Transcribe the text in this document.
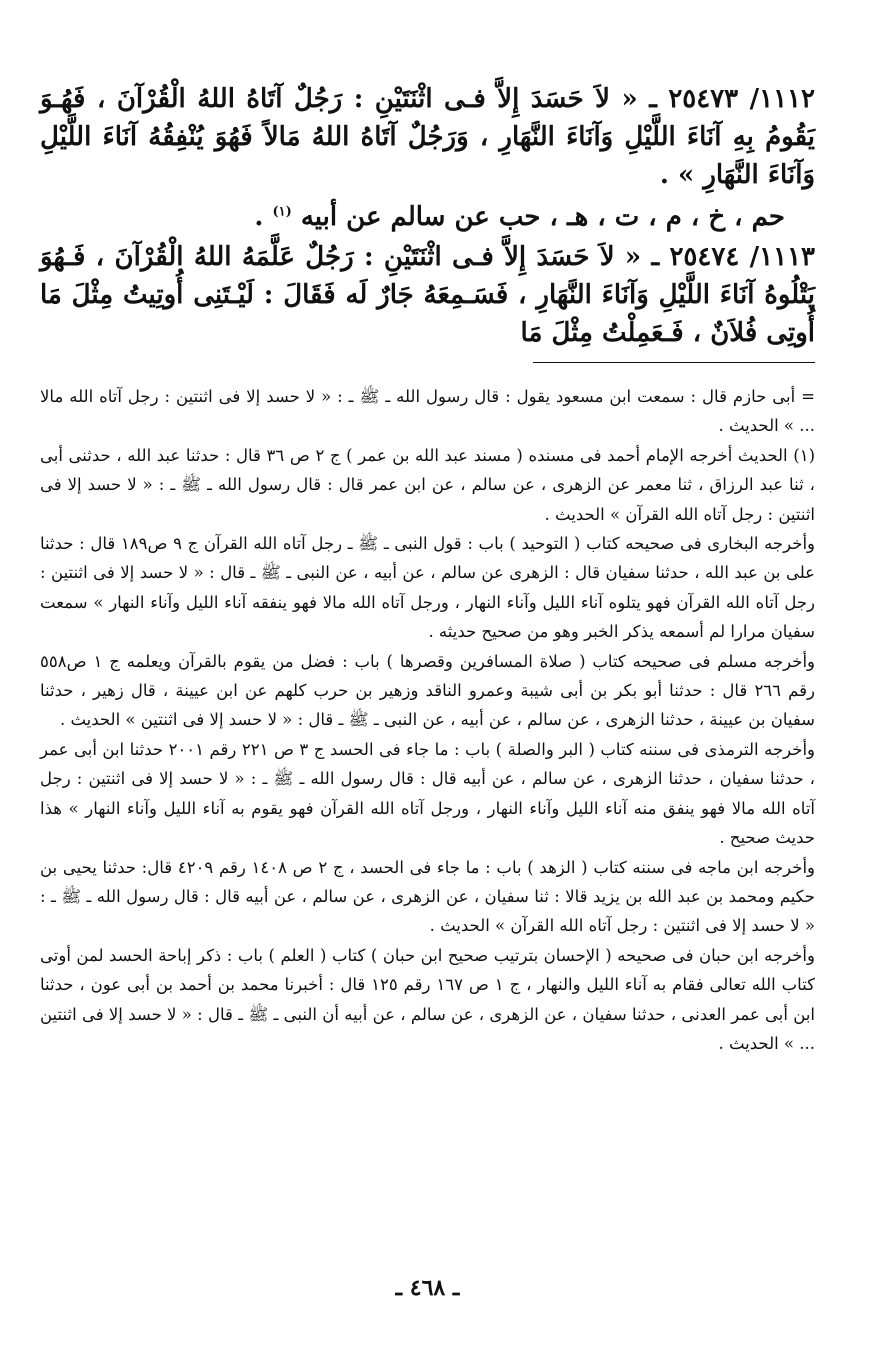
١١١٢/ ٢٥٤٧٣ ـ « لاَ حَسَدَ إِلاَّ فـى اثْنَتَيْنِ : رَجُلٌ آتَاهُ اللهُ الْقُرْآنَ ، فَهُـوَ يَقُومُ بِهِ آنَاءَ اللَّيْلِ وَآنَاءَ النَّهَارِ ، وَرَجُلٌ آتَاهُ اللهُ مَالاً فَهُوَ يُنْفِقُهُ آنَاءَ اللَّيْلِ وَآنَاءَ النَّهَارِ » .

حم ، خ ، م ، ت ، هـ ، حب عن سالم عن أبيه $^{(١)}$ .

١١١٣/ ٢٥٤٧٤ ـ « لاَ حَسَدَ إِلاَّ فـى اثْنَتَيْنِ : رَجُلٌ عَلَّمَهُ اللهُ الْقُرْآنَ ، فَـهُوَ يَتْلُوهُ آنَاءَ اللَّيْلِ وَآنَاءَ النَّهَارِ ، فَسَـمِعَهُ جَارٌ لَه فَقَالَ : لَيْـتَنِى أُوتِيتُ مِثْلَ مَا أُوتِى فُلاَنٌ ، فَـعَمِلْتُ مِثْلَ مَا

= أبى حازم قال : سمعت ابن مسعود يقول : قال رسول الله ـ ﷺ ـ : « لا حسد إلا فى اثنتين : رجل آتاه الله مالا ... » الحديث .

(١) الحديث أخرجه الإمام أحمد فى مسنده ( مسند عبد الله بن عمر ) ج ٢ ص ٣٦ قال : حدثنا عبد الله ، حدثنى أبى ، ثنا عبد الرزاق ، ثنا معمر عن الزهرى ، عن سالم ، عن ابن عمر قال : قال رسول الله ـ ﷺ ـ : « لا حسد إلا فى اثنتين : رجل آتاه الله القرآن » الحديث .

وأخرجه البخارى فى صحيحه كتاب ( التوحيد ) باب : قول النبى ـ ﷺ ـ رجل آتاه الله القرآن ج ٩ ص١٨٩ قال : حدثنا على بن عبد الله ، حدثنا سفيان قال : الزهرى عن سالم ، عن أبيه ، عن النبى ـ ﷺ ـ قال : « لا حسد إلا فى اثنتين : رجل آتاه الله القرآن فهو يتلوه آناء الليل وآناء النهار ، ورجل آتاه الله مالا فهو ينفقه آناء الليل وآناء النهار » سمعت سفيان مرارا لم أسمعه يذكر الخبر وهو من صحيح حديثه .

وأخرجه مسلم فى صحيحه كتاب ( صلاة المسافرين وقصرها ) باب : فضل من يقوم بالقرآن ويعلمه ج ١ ص٥٥٨ رقم ٢٦٦ قال : حدثنا أبو بكر بن أبى شيبة وعمرو الناقد وزهير بن حرب كلهم عن ابن عيينة ، قال زهير ، حدثنا سفيان بن عيينة ، حدثنا الزهرى ، عن سالم ، عن أبيه ، عن النبى ـ ﷺ ـ قال : « لا حسد إلا فى اثنتين » الحديث .

وأخرجه الترمذى فى سننه كتاب ( البر والصلة ) باب : ما جاء فى الحسد ج ٣ ص ٢٢١ رقم ٢٠٠١ حدثنا ابن أبى عمر ، حدثنا سفيان ، حدثنا الزهرى ، عن سالم ، عن أبيه قال : قال رسول الله ـ ﷺ ـ : « لا حسد إلا فى اثنتين : رجل آتاه الله مالا فهو ينفق منه آناء الليل وآناء النهار ، ورجل آتاه الله القرآن فهو يقوم به آناء الليل وآناء النهار » هذا حديث صحيح .

وأخرجه ابن ماجه فى سننه كتاب ( الزهد ) باب : ما جاء فى الحسد ، ج ٢ ص ١٤٠٨ رقم ٤٢٠٩ قال: حدثنا يحيى بن حكيم ومحمد بن عبد الله بن يزيد قالا : ثنا سفيان ، عن الزهرى ، عن سالم ، عن أبيه قال : قال رسول الله ـ ﷺ ـ : « لا حسد إلا فى اثنتين : رجل آتاه الله القرآن » الحديث .

وأخرجه ابن حبان فى صحيحه ( الإحسان بترتيب صحيح ابن حبان ) كتاب ( العلم ) باب : ذكر إباحة الحسد لمن أوتى كتاب الله تعالى فقام به آناء الليل والنهار ، ج ١ ص ١٦٧ رقم ١٢٥ قال : أخبرنا محمد بن أحمد بن أبى عون ، حدثنا ابن أبى عمر العدنى ، حدثنا سفيان ، عن الزهرى ، عن سالم ، عن أبيه أن النبى ـ ﷺ ـ قال : « لا حسد إلا فى اثنتين ... » الحديث .

ـ ٤٦٨ ـ
